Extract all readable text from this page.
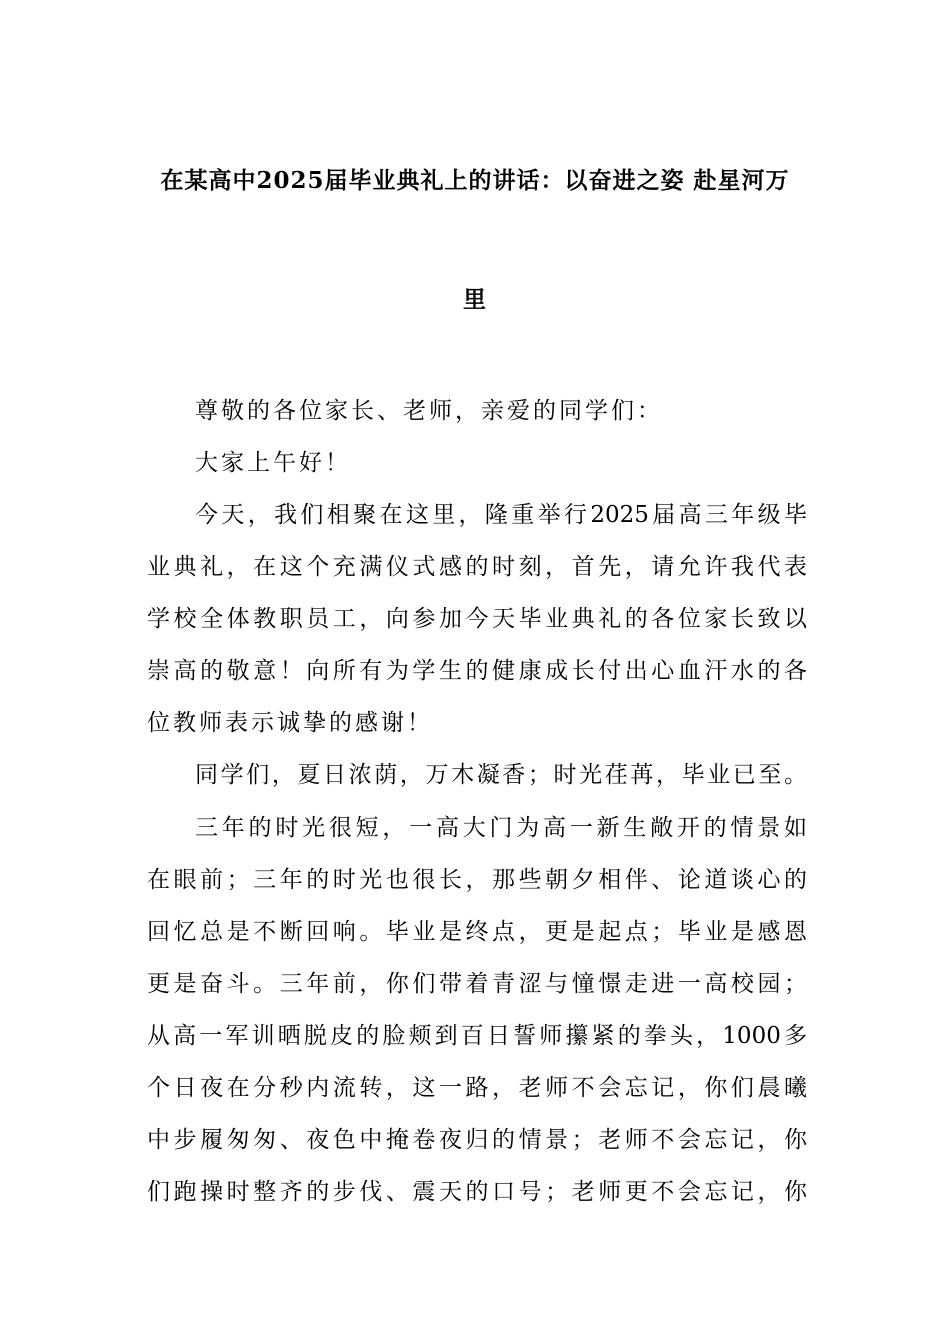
在某高中2025届毕业典礼上的讲话：以奋进之姿 赴星河万
里
尊敬的各位家长、老师，亲爱的同学们：
大家上午好！
今天，我们相聚在这里，隆重举行2025届高三年级毕
业典礼，在这个充满仪式感的时刻，首先，请允许我代表
学校全体教职员工，向参加今天毕业典礼的各位家长致以
崇高的敬意！向所有为学生的健康成长付出心血汗水的各
位教师表示诚挚的感谢！
同学们，夏日浓荫，万木凝香；时光荏苒，毕业已至。
三年的时光很短，一高大门为高一新生敞开的情景如
在眼前；三年的时光也很长，那些朝夕相伴、论道谈心的
回忆总是不断回响。毕业是终点，更是起点；毕业是感恩
更是奋斗。三年前，你们带着青涩与憧憬走进一高校园；
从高一军训晒脱皮的脸颊到百日誓师攥紧的拳头，1000多
个日夜在分秒内流转，这一路，老师不会忘记，你们晨曦
中步履匆匆、夜色中掩卷夜归的情景；老师不会忘记，你
们跑操时整齐的步伐、震天的口号；老师更不会忘记，你
